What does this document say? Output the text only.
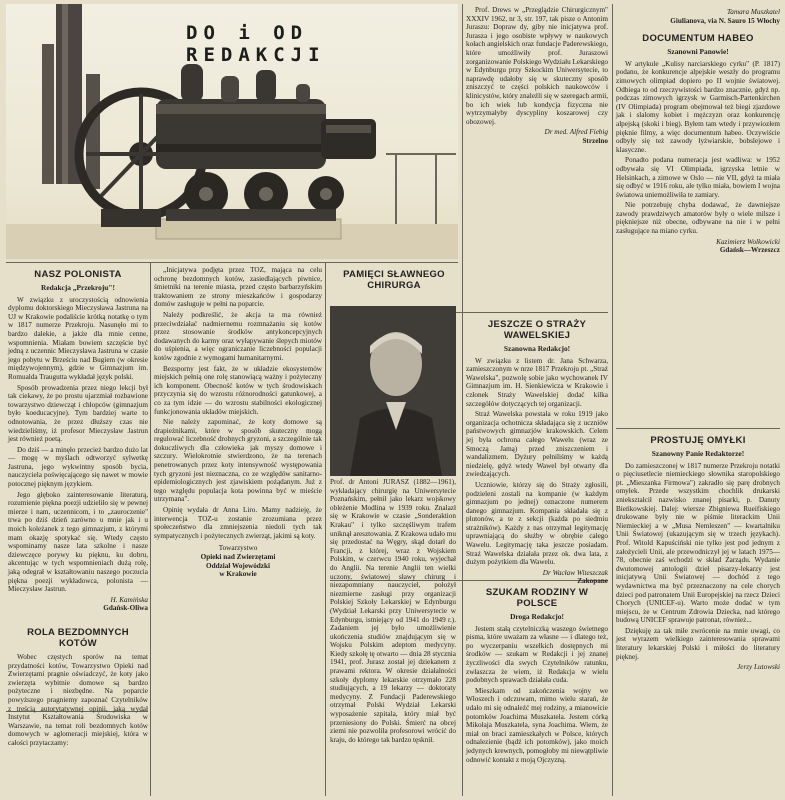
DO i OD REDAKCJI
NASZ POLONISTA
Redakcja „Przekroju"!

W związku z uroczystością odnowienia dyplomu doktorskiego Mieczysława Jastruna na UJ w Krakowie podaliście krótką notatkę o tym w 1817 numerze Przekroju. Nasunęło mi to bardzo dalekie, a jakże dla mnie cenne, wspomnienia. Miałam bowiem szczęście być jedną z uczennic Mieczysława Jastruna w czasie jego pobytu w Brześciu nad Bugiem (w okresie międzywojennym), gdzie w Gimnazjum im. Romualda Traugutta wykładał język polski.

Sposób prowadzenia przez niego lekcji był tak ciekawy, że po prostu ujarzmiał rozbawione towarzystwo dziewcząt i chłopców (gimnazjum było koeducacyjne). Tym bardziej warte to odnotowania, że przez dłuższy czas nie wiedzieliśmy, iż profesor Mieczysław Jastrun jest również poetą.

Do dziś — a minęło przecież bardzo dużo lat — mogę w myślach odtworzyć sylwetkę Jastruna, jego wykwintny sposób bycia, nauczyciela poświęcającego się nawet w mowie potocznej pięknym językiem.

Jego głęboko zainteresowanie literaturą, rozumienie piękna poezji udzieliło się w pewnej mierze i nam, uczennicom, i to „zauroczenie" trwa po dziś dzień zarówno u mnie jak i u moich koleżanek z tego gimnazjum, z którymi mam okazję spotykać się. Wtedy często wspominamy nasze lata szkolne i nasze dziewczęce porywy ku pięknu, ku dobru, akcentując w tych wspomnieniach dużą rolę, jaką odegrał w kształtowaniu naszego poczucia piękna poezji wykładowca, polonista — Mieczysław Jastrun.

H. Kamińska
Gdańsk-Oliwa
ROLA BEZDOMNYCH KOTÓW

Wobec częstych sporów na temat przydatności kotów, Towarzystwo Opieki nad Zwierzętami pragnie oświadczyć, że koty jako zwierzęta wybitnie domowe są bardzo pożyteczne i niezbędne. Na poparcie powyższego pragniemy zapoznać Czytelników z treścią autorytatywnej opinii, jaką wydał Instytut Kształtowania Środowiska w Warszawie, na temat roli bezdomnych kotów domowych w aglomeracji miejskiej, która w całości przytaczamy:

„Inicjatywa podjęta przez TOZ, mająca na celu ochronę bezdomnych kotów, zasiedlających piwnice, śmietniki na terenie miasta, przed często barbarzyńskim traktowaniem ze strony mieszkańców i gospodarzy domów zasługuje w pełni na poparcie.

Należy podkreślić, że akcja ta ma również przeciwdziałać nadmiernemu rozmnażaniu się kotów przez stosowanie środków antykoncepcyjnych dodawanych do karmy oraz wyłapywanie ślepych miotów do uśpienia, a więc ograniczanie liczebności populacji kotów zgodnie z wymogami humanitarnymi.

Bezsporny jest fakt, że w układzie ekosystemów miejskich pełnią one rolę stanowiącą ważny i pożyteczny ich komponent. Obecność kotów w tych środowiskach przyczynia się do wzrostu różnorodności gatunkowej, a co za tym idzie — do wzrostu stabilności ekologicznej funkcjonowania układów miejskich.

Nie należy zapominać, że koty domowe są drapieżnikami, które w sposób skuteczny mogą regulować liczebność drobnych gryzoni, a szczególnie tak dokuczliwych dla człowieka jak myszy domowe i szczury. Wielokrotnie stwierdzono, że na terenach penetrowanych przez koty intensywność występowania tych gryzoni jest nieznaczna, co ze względów sanitarno-epidemiologicznych jest zjawiskiem pożądanym. Już z tego względu populacja kota powinna być w mieście utrzymana".

Opinię wydała dr Anna Liro. Mamy nadzieję, że interwencja TOZ-u zostanie zrozumiana przez społeczeństwo dla zmniejszenia niedoli tych tak sympatycznych i pożytecznych zwierząt, jakimi są koty.

Towarzystwo
Opieki nad Zwierzętami
Oddział Wojewódzki
w Krakowie
PAMIĘCI SŁAWNEGO CHIRURGA

Prof. dr Antoni JURASZ (1882—1961), wykładający chirurgię na Uniwersytecie Poznańskim, pełnił jako lekarz wojskowy obleżenie Modlina w 1939 roku. Znalazł się w Krakowie w czasie „Sonderaktion Krakau" i tylko szczęśliwym trafem uniknął aresztowania. Z Krakowa udało mu się przedostać na Węgry, skąd dotarł do Francji, z której, wraz z Wojskiem Polskim, w czerwcu 1940 roku, wyjechał do Anglii. Na terenie Anglii ten wielki uczony, światowej sławy chirurg i niezapomniany nauczyciel, położył niezmierne zasługi przy organizacji Polskiej Szkoły Lekarskiej w Edynburgu (Wydział Lekarski przy Uniwersytecie w Edynburgu, istniejący od 1941 do 1949 r.). Zadaniem jej było umożliwienie ukończenia studiów znajdującym się w Wojsku Polskim adeptom medycyny. Kiedy szkołę tę otwarto — dnia 28 stycznia 1941, prof. Jurasz został jej dziekanem z prawami rektora. W okresie działalności szkoły dyplomy lekarskie otrzymało 228 studiujących, a 19 lekarzy — doktoraty medycyny. Z Fundacji Paderewskiego otrzymał Polski Wydział Lekarski wyposażenie szpitala, który miał być przeniesiony do Polski. Śmierć na obcej ziemi nie pozwoliła profesorowi wrócić do kraju, do którego tak bardzo tęsknił.

Prof. Drews w „Przeglądzie Chirurgicznym" XXXIV 1962, nr 3, str. 197, tak pisze o Antonim Juraszu: Dopraw dy, giby nie inicjatywa prof. Jurasza i jego osobiste wpływy w naukowych kołach angielskich oraz fundacje Paderewskiego, które umożliwiły prof. Juraszowi zorganizowanie Polskiego Wydziału Lekarskiego w Edynburgu przy Szkockim Uniwersytecie, to naprawdę udałoby się w skuteczny sposób zniszczyć te części polskich naukowców i klinicystów, który znaleźli się w szeregach armii, bo ich wiek lub kondycja fizyczna nie wytrzymałyby dyscypliny koszarowej czy obozowej.

Dr med. Alfred Fiebig
Strzelno
JESZCZE O STRAŻY WAWELSKIEJ
Szanowna Redakcjo!

W związku z listem dr. Jana Schwarza, zamieszczonym w nrze 1817 Przekroju pt. „Straż Wawelska", pozwolę sobie jako wychowanek IV Gimnazjum im. H. Sienkiewicza w Krakowie i członek Straży Wawelskiej dodać kilka szczegółów dotyczących tej organizacji.

Straż Wawelska powstała w roku 1919 jako organizacja ochotnicza składająca się z uczniów państwowych gimnazjów krakowskich. Celem jej była ochrona całego Wawelu (wraz ze Smoczą Jamą) przed zniszczeniem i wandalizmem. Dyżury pełniliśmy w każdą niedzielę, gdyż wtedy Wawel był otwarty dla zwiedzających.

Uczniowie, którzy się do Straży zgłosili, podzieleni zostali na kompanie (w każdym gimnazjum po jednej) oznaczone numerem danego gimnazjum. Kompania składała się z plutonów, a te z sekcji (każda po siedmiu strażników). Każdy z nas otrzymał legitymację uprawniającą do służby w obrębie całego Wawelu. Legitymację taka jeszcze posiadam. Straż Wawelska działała przez ok. dwa lata, z dużym pożytkiem dla Wawelu.

Dr Wacław Witeszczak
Zakopane
SZUKAM RODZINY W POLSCE
Droga Redakcjo!

Jestem stałą czytelniczką waszego świetnego pisma, które uważam za własne — i dlatego też, po wyczerpaniu wszelkich dostępnych mi środków — szukam w Redakcji i jej znanej życzliwości dla swych Czytelników ratunku, zwłaszcza że wiem, iż Redakcja w wielu podobnych sprawach działała cuda.

Mieszkam od zakończenia wojny we Włoszech i odczuwam, mimo wielu starań, że udało mi się odnaleźć mej rodziny, a mianowicie potomków Joachima Muszkatela. Jestem córką Mikołaja Muszkatela, syna Joachima. Wiem, że miał on braci zamieszkałych w Polsce, których odnalezienie (bądź ich potomków), jako moich jedynych krewnych, pomogłoby mi niewątpliwie odnowić kontakt z moją Ojczyzną.

Tamara Muszkatel
Giulianova, via N. Sauro 15 Włochy
DOCUMENTUM HABEO
Szanowni Panowie!

W artykule „Kulisy narciarskiego cyrku" (P. 1817) podano, że konkurencje alpejskie weszły do programu zimowych olimpiad dopiero po II wojnie światowej. Odbiega to od rzeczywistości bardzo znacznie, gdyż np. podczas zimowych igrzysk w Garmisch-Partenkirchen (IV Olimpiada) program obejmował też biegi zjazdowe jak i slalomy kobiet i mężczyzn oraz konkurencję alpejską (skoki i bieg). Byłem tam wtedy i przywiozłem pięknie filmy, a więc documentum habeo. Oczywiście odbyły się też zawody łyżwiarskie, bobslejowe i klasyczne.

Ponadto podana numeracja jest wadliwa: w 1952 odbywała się VI Olimpiada, igrzyska letnie w Helsinkach, a zimowe w Oslo — nie VII, gdyż ta miała się odbyć w 1916 roku, ale tylko miała, bowiem I wojna światowa uniemożliwiła te zamiary.

Nie potrzebuję chyba dodawać, że dawniejsze zawody prawdziwych amatorów były o wiele milsze i piękniejsze niż obecne, odbywane na nie i w pełni zasługujące na miano cyrku.

Kazimierz Wolkowicki
Gdańsk—Wrzeszcz
PROSTUJĘ OMYŁKI
Szanowny Panie Redaktorze!

Do zamieszczonej w 1817 numerze Przekroju notatki o pięciusetlecie niemieckiego słownika staropolskiego pt. „Mieszanka Firmowa") zakradło się parę drobnych omyłek. Przede wszystkim chochlik drukarski zniekształcił nazwisko znanej pisarki, p. Danuty Bieńkowskiej. Dalej: wiersze Zbigniewa Rueifiskiego drukowane były nie w piśmie literackim Unii Niemieckiej a w „Musa Nemleszen" — kwartalniku Unii Światowej (ukazującym się w trzech językach). Prof. Witold Kapuściński nie tylko jest pod jednym z założycieli Unii, ale przewodniczył jej w latach 1975—78, obecnie zaś wchodzi w skład Zarządu. Wydanie dwutomowej antologii dzieł pisarzy-lekarzy jest inicjatywą Unii Światowej — dochód z tego wydawnictwa ma być przeznaczony na cele chorych dzieci pod patronatem Unii Europejskiej na rzecz Dzieci Chorych (UNICEF-u). Warto może dodać w tym miejscu, że w Centrum Zdrowia Dziecka, nad którego budową UNICEF sprawuje patronat, również...

Dziękuję za tak miłe zwrócenie na mnie uwagi, co jest wyrazem wielkiego zainteresowania sprawami literatury lekarskiej Polski i miłości do literatury pięknej.

Jerzy Lutowski
